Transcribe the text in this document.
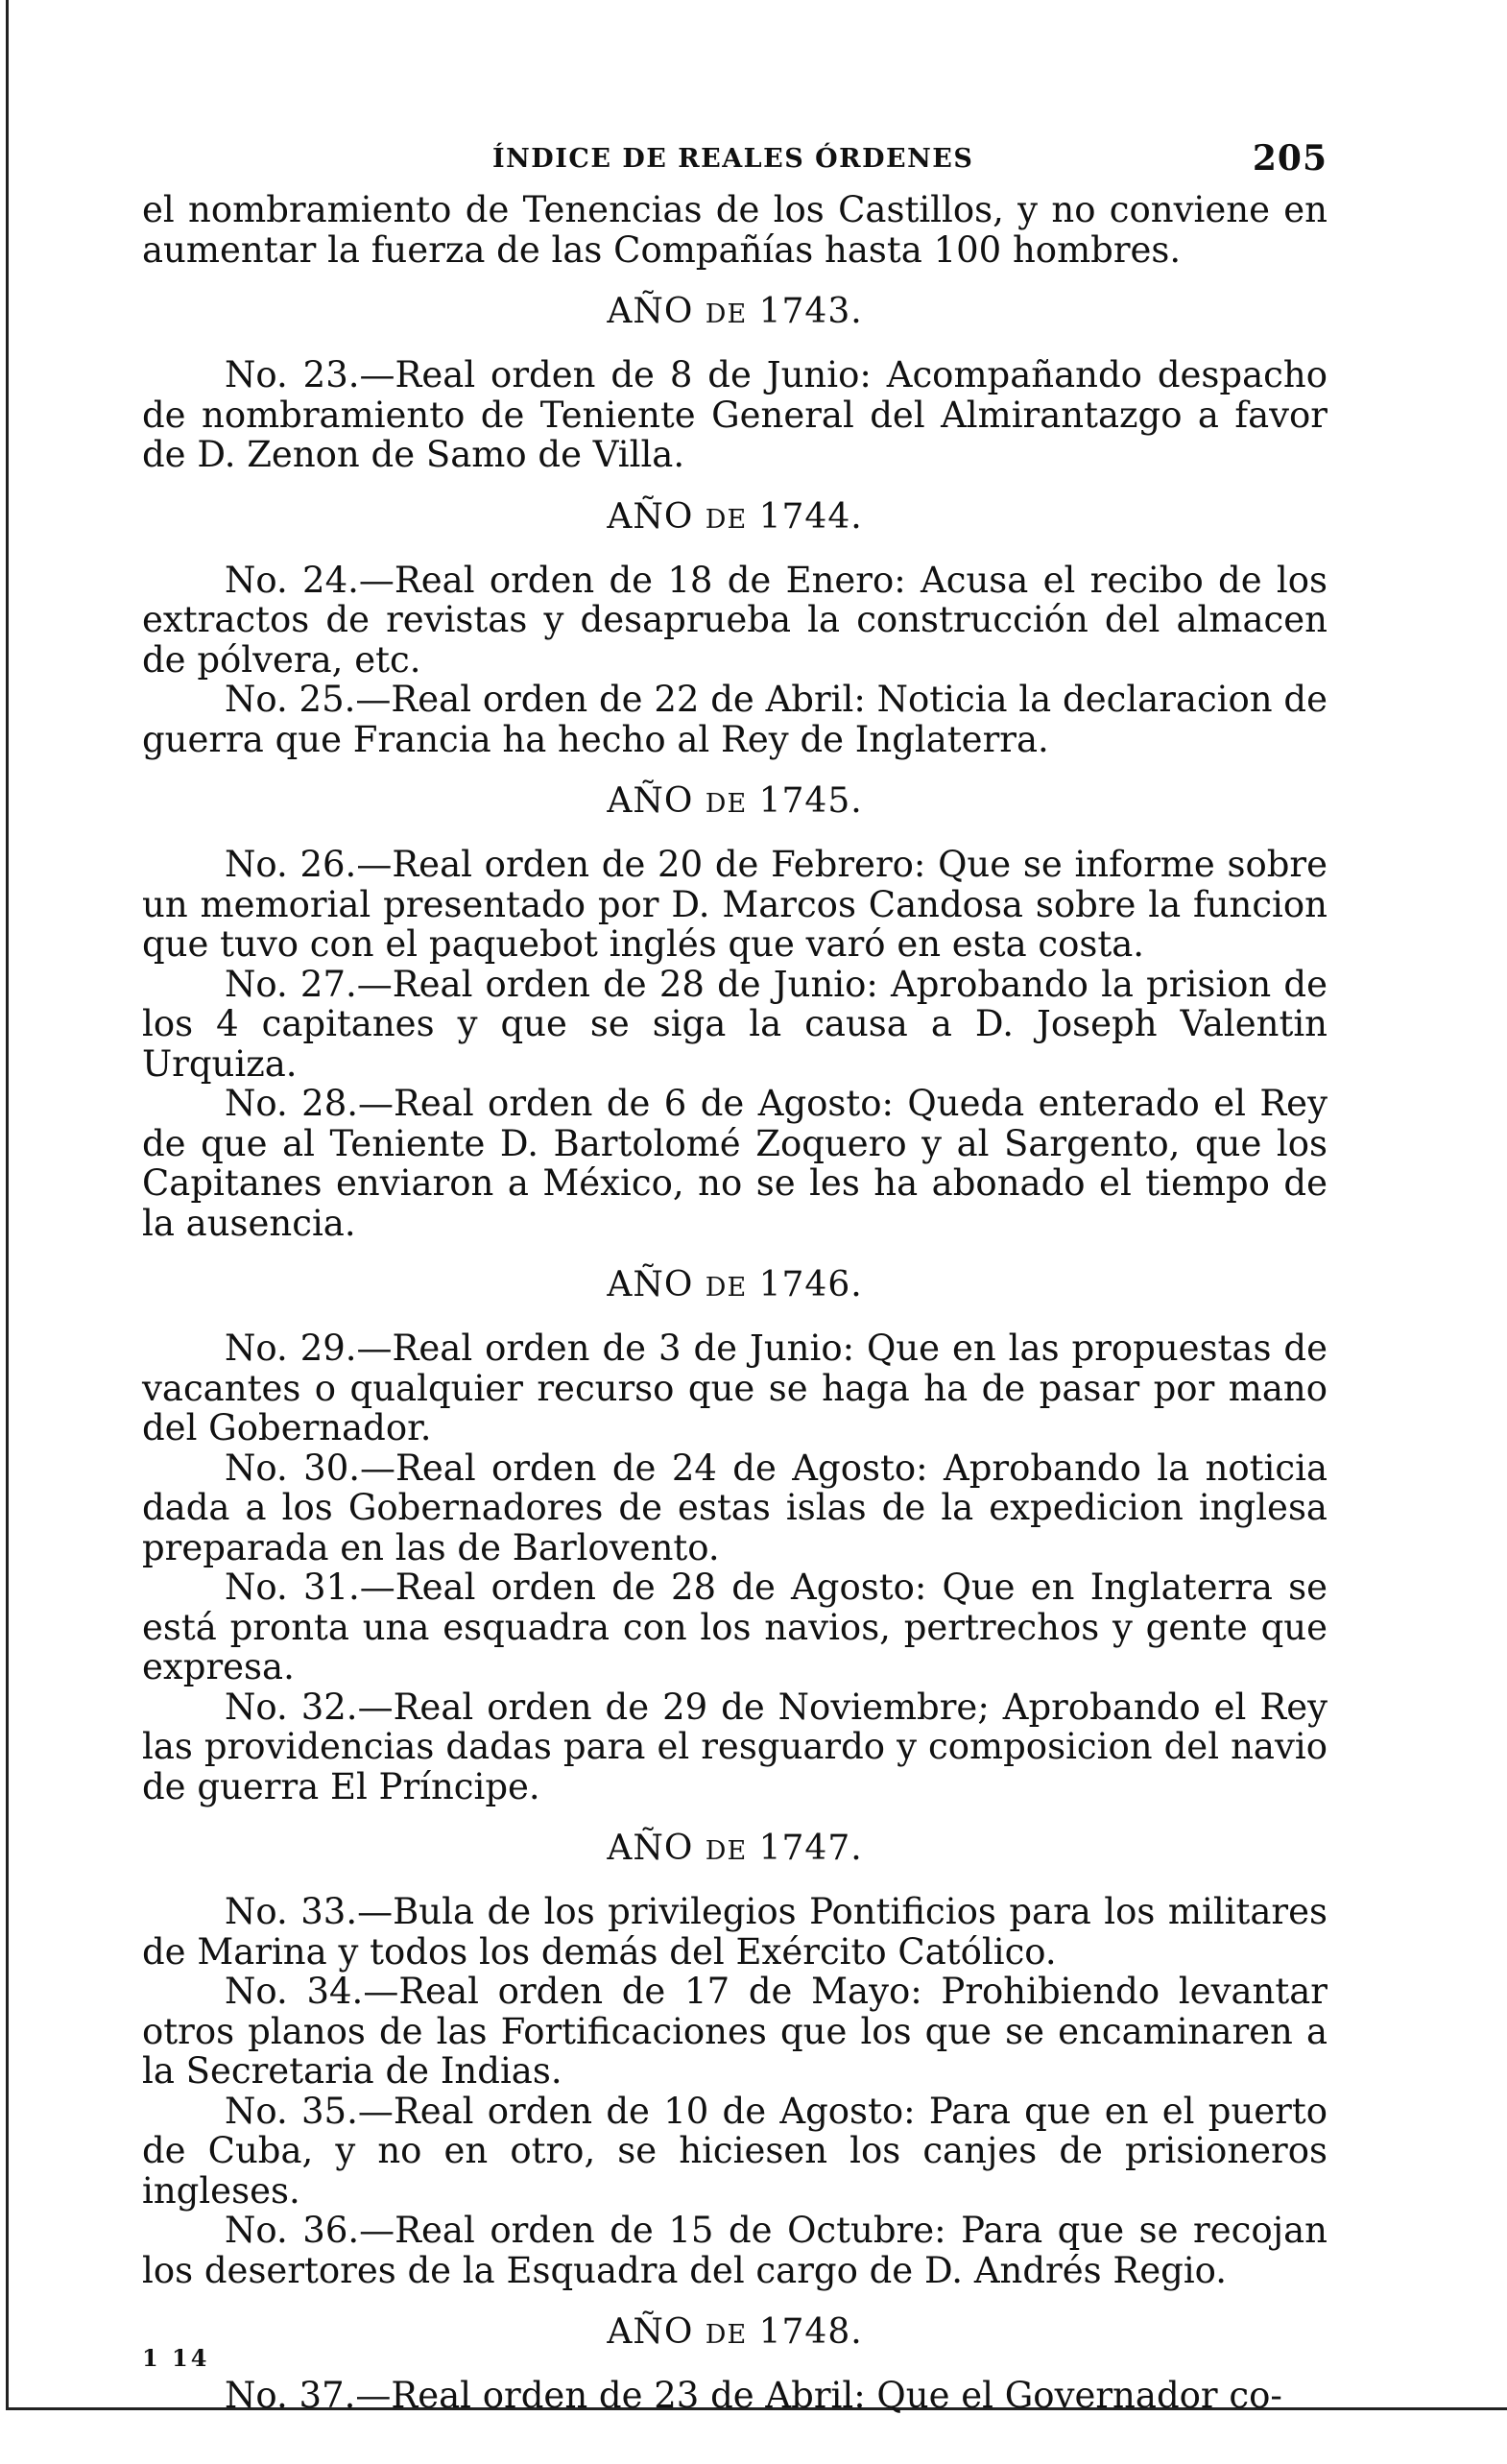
ÍNDICE DE REALES ÓRDENES	205

el nombramiento de Tenencias de los Castillos, y no conviene en aumentar la fuerza de las Compañías hasta 100 hombres.

AÑO DE 1743.

No. 23.—Real orden de 8 de Junio: Acompañando despacho de nombramiento de Teniente General del Almirantazgo a favor de D. Zenon de Samo de Villa.

AÑO DE 1744.

No. 24.—Real orden de 18 de Enero: Acusa el recibo de los extractos de revistas y desaprueba la construcción del almacen de pólvera, etc.

No. 25.—Real orden de 22 de Abril: Noticia la declaracion de guerra que Francia ha hecho al Rey de Inglaterra.

AÑO DE 1745.

No. 26.—Real orden de 20 de Febrero: Que se informe sobre un memorial presentado por D. Marcos Candosa sobre la funcion que tuvo con el paquebot inglés que varó en esta costa.

No. 27.—Real orden de 28 de Junio: Aprobando la prision de los 4 capitanes y que se siga la causa a D. Joseph Valentin Urquiza.

No. 28.—Real orden de 6 de Agosto: Queda enterado el Rey de que al Teniente D. Bartolomé Zoquero y al Sargento, que los Capitanes enviaron a México, no se les ha abonado el tiempo de la ausencia.

AÑO DE 1746.

No. 29.—Real orden de 3 de Junio: Que en las propuestas de vacantes o qualquier recurso que se haga ha de pasar por mano del Gobernador.

No. 30.—Real orden de 24 de Agosto: Aprobando la noticia dada a los Gobernadores de estas islas de la expedicion inglesa preparada en las de Barlovento.

No. 31.—Real orden de 28 de Agosto: Que en Inglaterra se está pronta una esquadra con los navios, pertrechos y gente que expresa.

No. 32.—Real orden de 29 de Noviembre; Aprobando el Rey las providencias dadas para el resguardo y composicion del navio de guerra El Príncipe.

AÑO DE 1747.

No. 33.—Bula de los privilegios Pontificios para los militares de Marina y todos los demás del Exército Católico.

No. 34.—Real orden de 17 de Mayo: Prohibiendo levantar otros planos de las Fortificaciones que los que se encaminaren a la Secretaria de Indias.

No. 35.—Real orden de 10 de Agosto: Para que en el puerto de Cuba, y no en otro, se hiciesen los canjes de prisioneros ingleses.

No. 36.—Real orden de 15 de Octubre: Para que se recojan los desertores de la Esquadra del cargo de D. Andrés Regio.

AÑO DE 1748.

No. 37.—Real orden de 23 de Abril: Que el Governador co-

1 14
